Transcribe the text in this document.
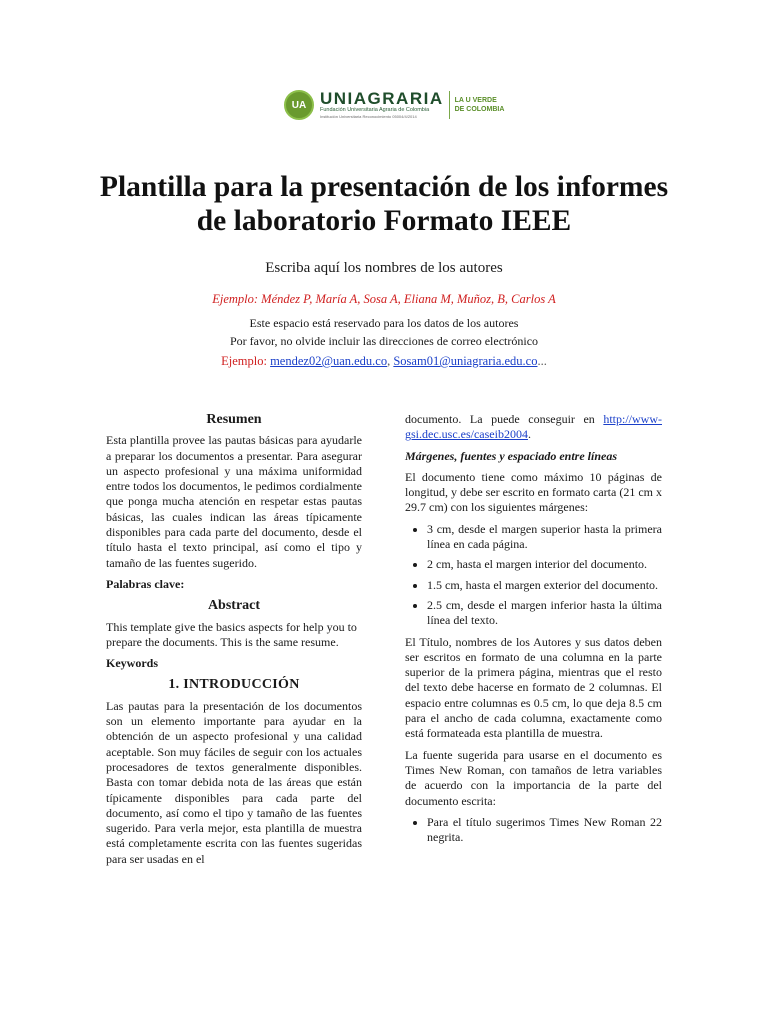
UA UNIAGRARIA
Fundación Universitaria Agraria de Colombia
Institución Universitaria Reconocimiento 05004/4/2014
LA U VERDE
DE COLOMBIA
Plantilla para la presentación de los informes
de laboratorio Formato IEEE

Escriba aquí los nombres de los autores

Ejemplo: Méndez P, María A, Sosa A, Eliana M, Muñoz, B, Carlos A

Este espacio está reservado para los datos de los autores

Por favor, no olvide incluir las direcciones de correo electrónico

Ejemplo: mendez02@uan.edu.co, Sosam01@uniagraria.edu.co...

Resumen

Esta plantilla provee las pautas básicas para ayudarle a preparar los documentos a presentar. Para asegurar un aspecto profesional y una máxima uniformidad entre todos los documentos, le pedimos cordialmente que ponga mucha atención en respetar estas pautas básicas, las cuales indican las áreas típicamente disponibles para cada parte del documento, desde el título hasta el texto principal, así como el tipo y tamaño de las fuentes sugerido.

Palabras clave:

Abstract

This template give the basics aspects for help you to prepare the documents. This is the same resume.

Keywords

1. INTRODUCCIÓN

Las pautas para la presentación de los documentos son un elemento importante para ayudar en la obtención de un aspecto profesional y una calidad aceptable. Son muy fáciles de seguir con los actuales procesadores de textos generalmente disponibles. Basta con tomar debida nota de las áreas que están típicamente disponibles para cada parte del documento, así como el tipo y tamaño de las fuentes sugerido. Para verla mejor, esta plantilla de muestra está completamente escrita con las fuentes sugeridas para ser usadas en el

documento. La puede conseguir en http://www-gsi.dec.usc.es/caseib2004.

Márgenes, fuentes y espaciado entre líneas

El documento tiene como máximo 10 páginas de longitud, y debe ser escrito en formato carta (21 cm x 29.7 cm) con los siguientes márgenes:

• 3 cm, desde el margen superior hasta la primera línea en cada página.
• 2 cm, hasta el margen interior del documento.
• 1.5 cm, hasta el margen exterior del documento.
• 2.5 cm, desde el margen inferior hasta la última línea del texto.

El Título, nombres de los Autores y sus datos deben ser escritos en formato de una columna en la parte superior de la primera página, mientras que el resto del texto debe hacerse en formato de 2 columnas. El espacio entre columnas es 0.5 cm, lo que deja 8.5 cm para el ancho de cada columna, exactamente como está formateada esta plantilla de muestra.

La fuente sugerida para usarse en el documento es Times New Roman, con tamaños de letra variables de acuerdo con la importancia de la parte del documento escrita:

• Para el título sugerimos Times New Roman 22 negrita.
